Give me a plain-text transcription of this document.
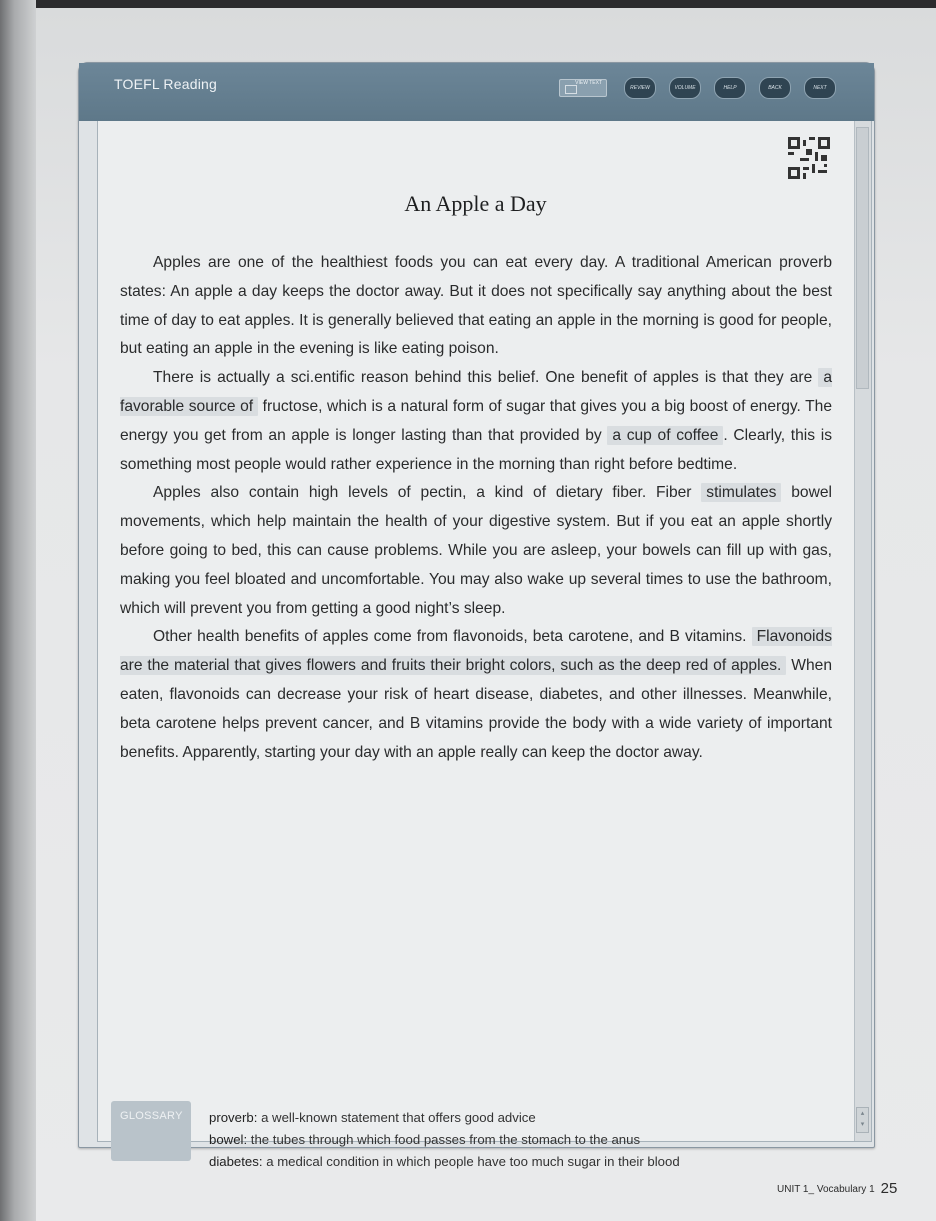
TOEFL Reading	VIEW TEXT
REVIEW	VOLUME	HELP	BACK	NEXT
An Apple a Day

Apples are one of the healthiest foods you can eat every day. A traditional American proverb states: An apple a day keeps the doctor away. But it does not specifically say anything about the best time of day to eat apples. It is generally believed that eating an apple in the morning is good for people, but eating an apple in the evening is like eating poison.

There is actually a sci.entific reason behind this belief. One benefit of apples is that they are a favorable source of fructose, which is a natural form of sugar that gives you a big boost of energy. The energy you get from an apple is longer lasting than that provided by a cup of coffee . Clearly, this is something most people would rather experience in the morning than right before bedtime.

Apples also contain high levels of pectin, a kind of dietary fiber. Fiber stimulates bowel movements, which help maintain the health of your digestive system. But if you eat an apple shortly before going to bed, this can cause problems. While you are asleep, your bowels can fill up with gas, making you feel bloated and uncomfortable. You may also wake up several times to use the bathroom, which will prevent you from getting a good night’s sleep.

Other health benefits of apples come from flavonoids, beta carotene, and B vitamins. Flavonoids are the material that gives flowers and fruits their bright colors, such as the deep red of apples. When eaten, flavonoids can decrease your risk of heart disease, diabetes, and other illnesses. Meanwhile, beta carotene helps prevent cancer, and B vitamins provide the body with a wide variety of important benefits. Apparently, starting your day with an apple really can keep the doctor away.

GLOSSARY	proverb: a well-known statement that offers good advice
bowel: the tubes through which food passes from the stomach to the anus
diabetes: a medical condition in which people have too much sugar in their blood
▴
▾
UNIT 1_ Vocabulary 1 25
